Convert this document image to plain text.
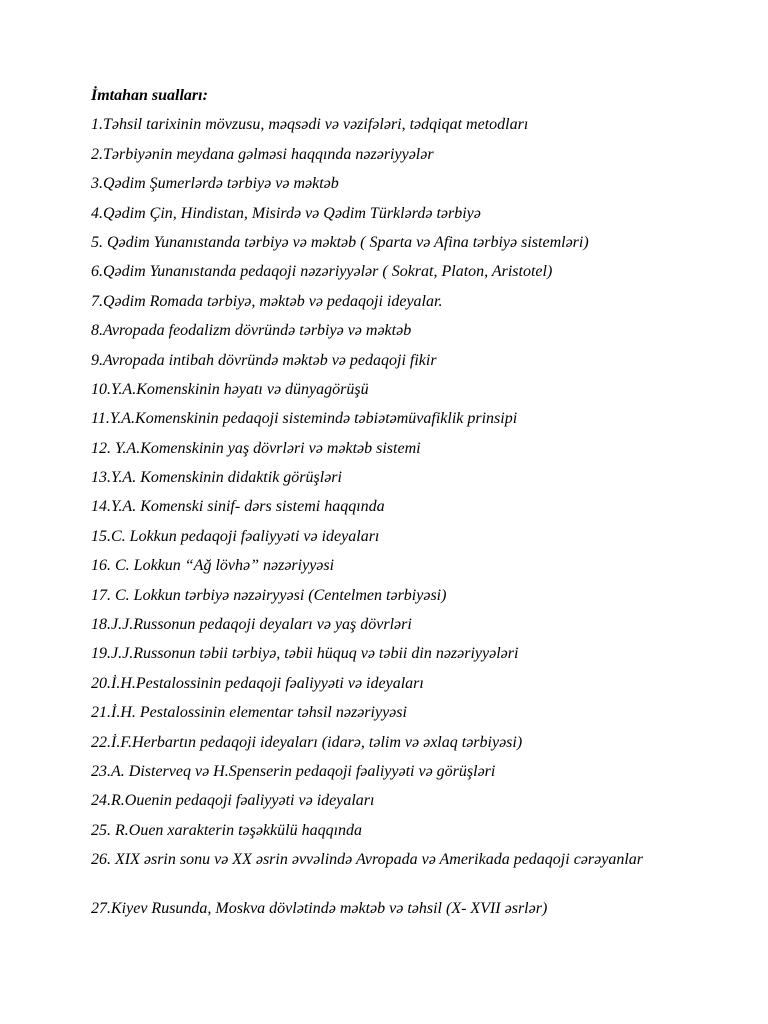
İmtahan sualları:
1.Təhsil tarixinin mövzusu, məqsədi və vəzifələri, tədqiqat metodları
2.Tərbiyənin meydana gəlməsi haqqında nəzəriyyələr
3.Qədim Şumerlərdə tərbiyə və məktəb
4.Qədim Çin, Hindistan, Misirdə və Qədim Türklərdə tərbiyə
5. Qədim Yunanıstanda tərbiyə və məktəb ( Sparta və Afina tərbiyə sistemləri)
6.Qədim Yunanıstanda pedaqoji nəzəriyyələr ( Sokrat, Platon, Aristotel)
7.Qədim Romada tərbiyə, məktəb və pedaqoji ideyalar.
8.Avropada feodalizm dövründə tərbiyə və məktəb
9.Avropada intibah dövründə məktəb və pedaqoji fikir
10.Y.A.Komenskinin həyatı və dünyagörüşü
11.Y.A.Komenskinin pedaqoji sistemində təbiətəmüvafiklik prinsipi
12. Y.A.Komenskinin yaş dövrləri və məktəb sistemi
13.Y.A. Komenskinin didaktik görüşləri
14.Y.A. Komenski sinif- dərs sistemi haqqında
15.C. Lokkun pedaqoji fəaliyyəti və ideyaları
16. C. Lokkun “Ağ lövhə” nəzəriyyəsi
17. C. Lokkun tərbiyə nəzəiryyəsi (Centelmen tərbiyəsi)
18.J.J.Russonun pedaqoji deyaları və yaş dövrləri
19.J.J.Russonun təbii tərbiyə, təbii hüquq və təbii din nəzəriyyələri
20.İ.H.Pestalossinin pedaqoji fəaliyyəti və ideyaları
21.İ.H. Pestalossinin elementar təhsil nəzəriyyəsi
22.İ.F.Herbartın pedaqoji ideyaları (idarə, təlim və əxlaq tərbiyəsi)
23.A. Disterveq və H.Spenserin pedaqoji fəaliyyəti və görüşləri
24.R.Ouenin pedaqoji fəaliyyəti və ideyaları
25. R.Ouen xarakterin təşəkkülü haqqında
26. XIX əsrin sonu və XX əsrin əvvəlində Avropada və Amerikada pedaqoji cərəyanlar
27.Kiyev Rusunda, Moskva dövlətində məktəb və təhsil (X- XVII əsrlər)
